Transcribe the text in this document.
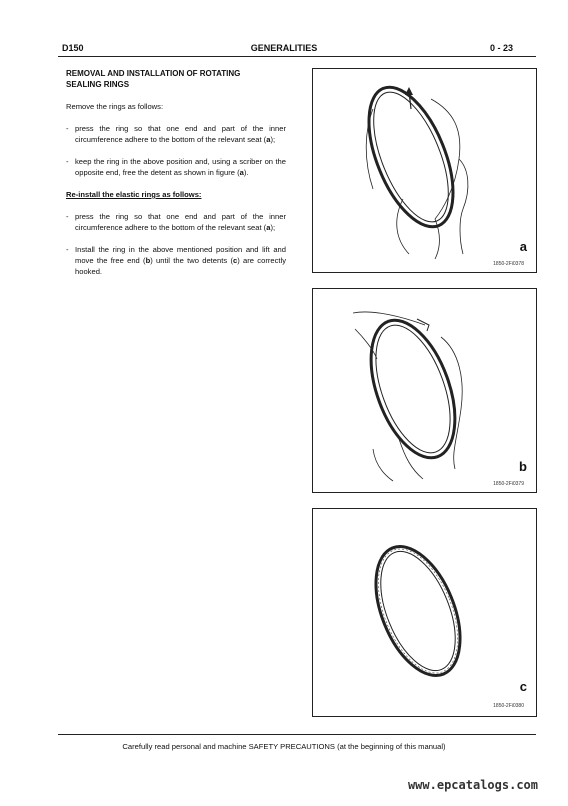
D150	GENERALITIES	0 - 23
REMOVAL AND INSTALLATION OF ROTATING
SEALING RINGS
Remove the rings as follows:
- press the ring so that one end and part of the inner circumference adhere to the bottom of the relevant seat (a);
- keep the ring in the above position and, using a scriber on the opposite end, free the detent as shown in figure (a).
Re-install the elastic rings as follows:
- press the ring so that one end and part of the inner circumference adhere to the bottom of the relevant seat (a);
- Install the ring in the above mentioned position and lift and move the free end (b) until the two detents (c) are correctly hooked.
a
1850-2Fi0378
b
1850-2Fi0379
c
1850-2Fi0380
Carefully read personal and machine SAFETY PRECAUTIONS (at the beginning of this manual)
www.epcatalogs.com
